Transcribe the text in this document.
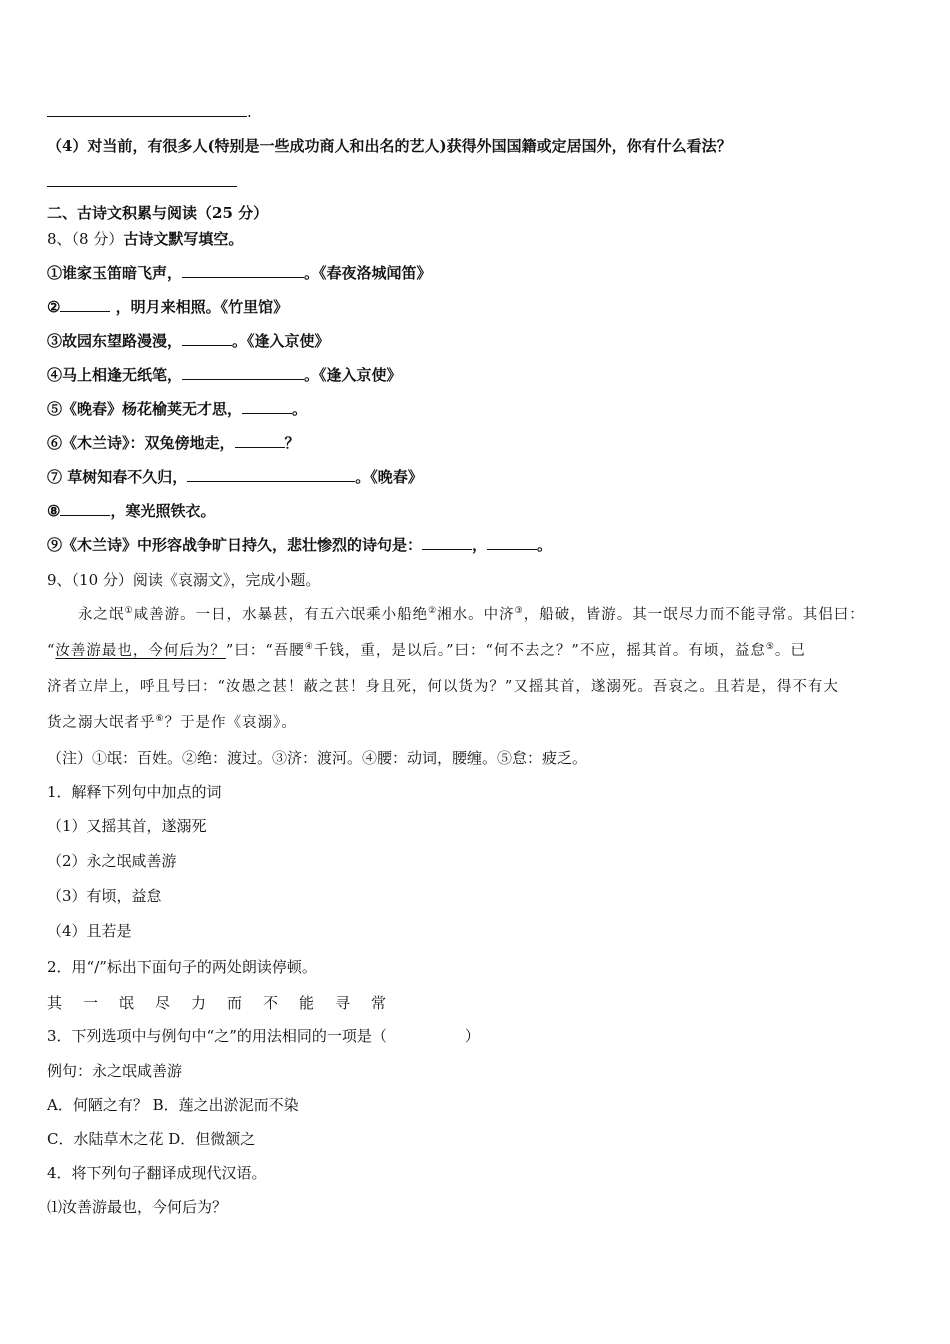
.
（4）对当前，有很多人(特别是一些成功商人和出名的艺人)获得外国国籍或定居国外，你有什么看法？
二、古诗文积累与阅读（25 分）
8、（8 分）古诗文默写填空。
①谁家玉笛暗飞声，	。《春夜洛城闻笛》
②	，明月来相照。《竹里馆》
③故园东望路漫漫，	。《逢入京使》
④马上相逢无纸笔，	。《逢入京使》
⑤《晚春》杨花榆荚无才思，	。
⑥《木兰诗》：双兔傍地走，	？
⑦ 草树知春不久归，	。《晚春》
⑧	，寒光照铁衣。
⑨《木兰诗》中形容战争旷日持久，悲壮惨烈的诗句是：	，	。
9、（10 分）阅读《哀溺文》，完成小题。
永之氓①咸善游。一日，水暴甚，有五六氓乘小船绝②湘水。中济③，船破，皆游。其一氓尽力而不能寻常。其侣曰：
“汝善游最也，今何后为？”曰：“吾腰④千钱，重，是以后。”曰：“何不去之？”不应，摇其首。有顷，益怠⑤。已
济者立岸上，呼且号曰：“汝愚之甚！蔽之甚！身且死，何以货为？”又摇其首，遂溺死。吾哀之。且若是，得不有大
货之溺大氓者乎⑥？于是作《哀溺》。
（注）①氓：百姓。②绝：渡过。③济：渡河。④腰：动词，腰缠。⑤怠：疲乏。
1．解释下列句中加点的词
（1）又摇其首，遂溺死
（2）永之氓咸善游
（3）有顷，益怠
（4）且若是
2．用“/”标出下面句子的两处朗读停顿。
其 一 氓 尽 力 而 不 能 寻 常
3．下列选项中与例句中“之”的用法相同的一项是（	）
例句：永之氓咸善游
A．何陋之有？ B．莲之出淤泥而不染
C．水陆草木之花 D．但微颔之
4．将下列句子翻译成现代汉语。
⑴汝善游最也，今何后为？
